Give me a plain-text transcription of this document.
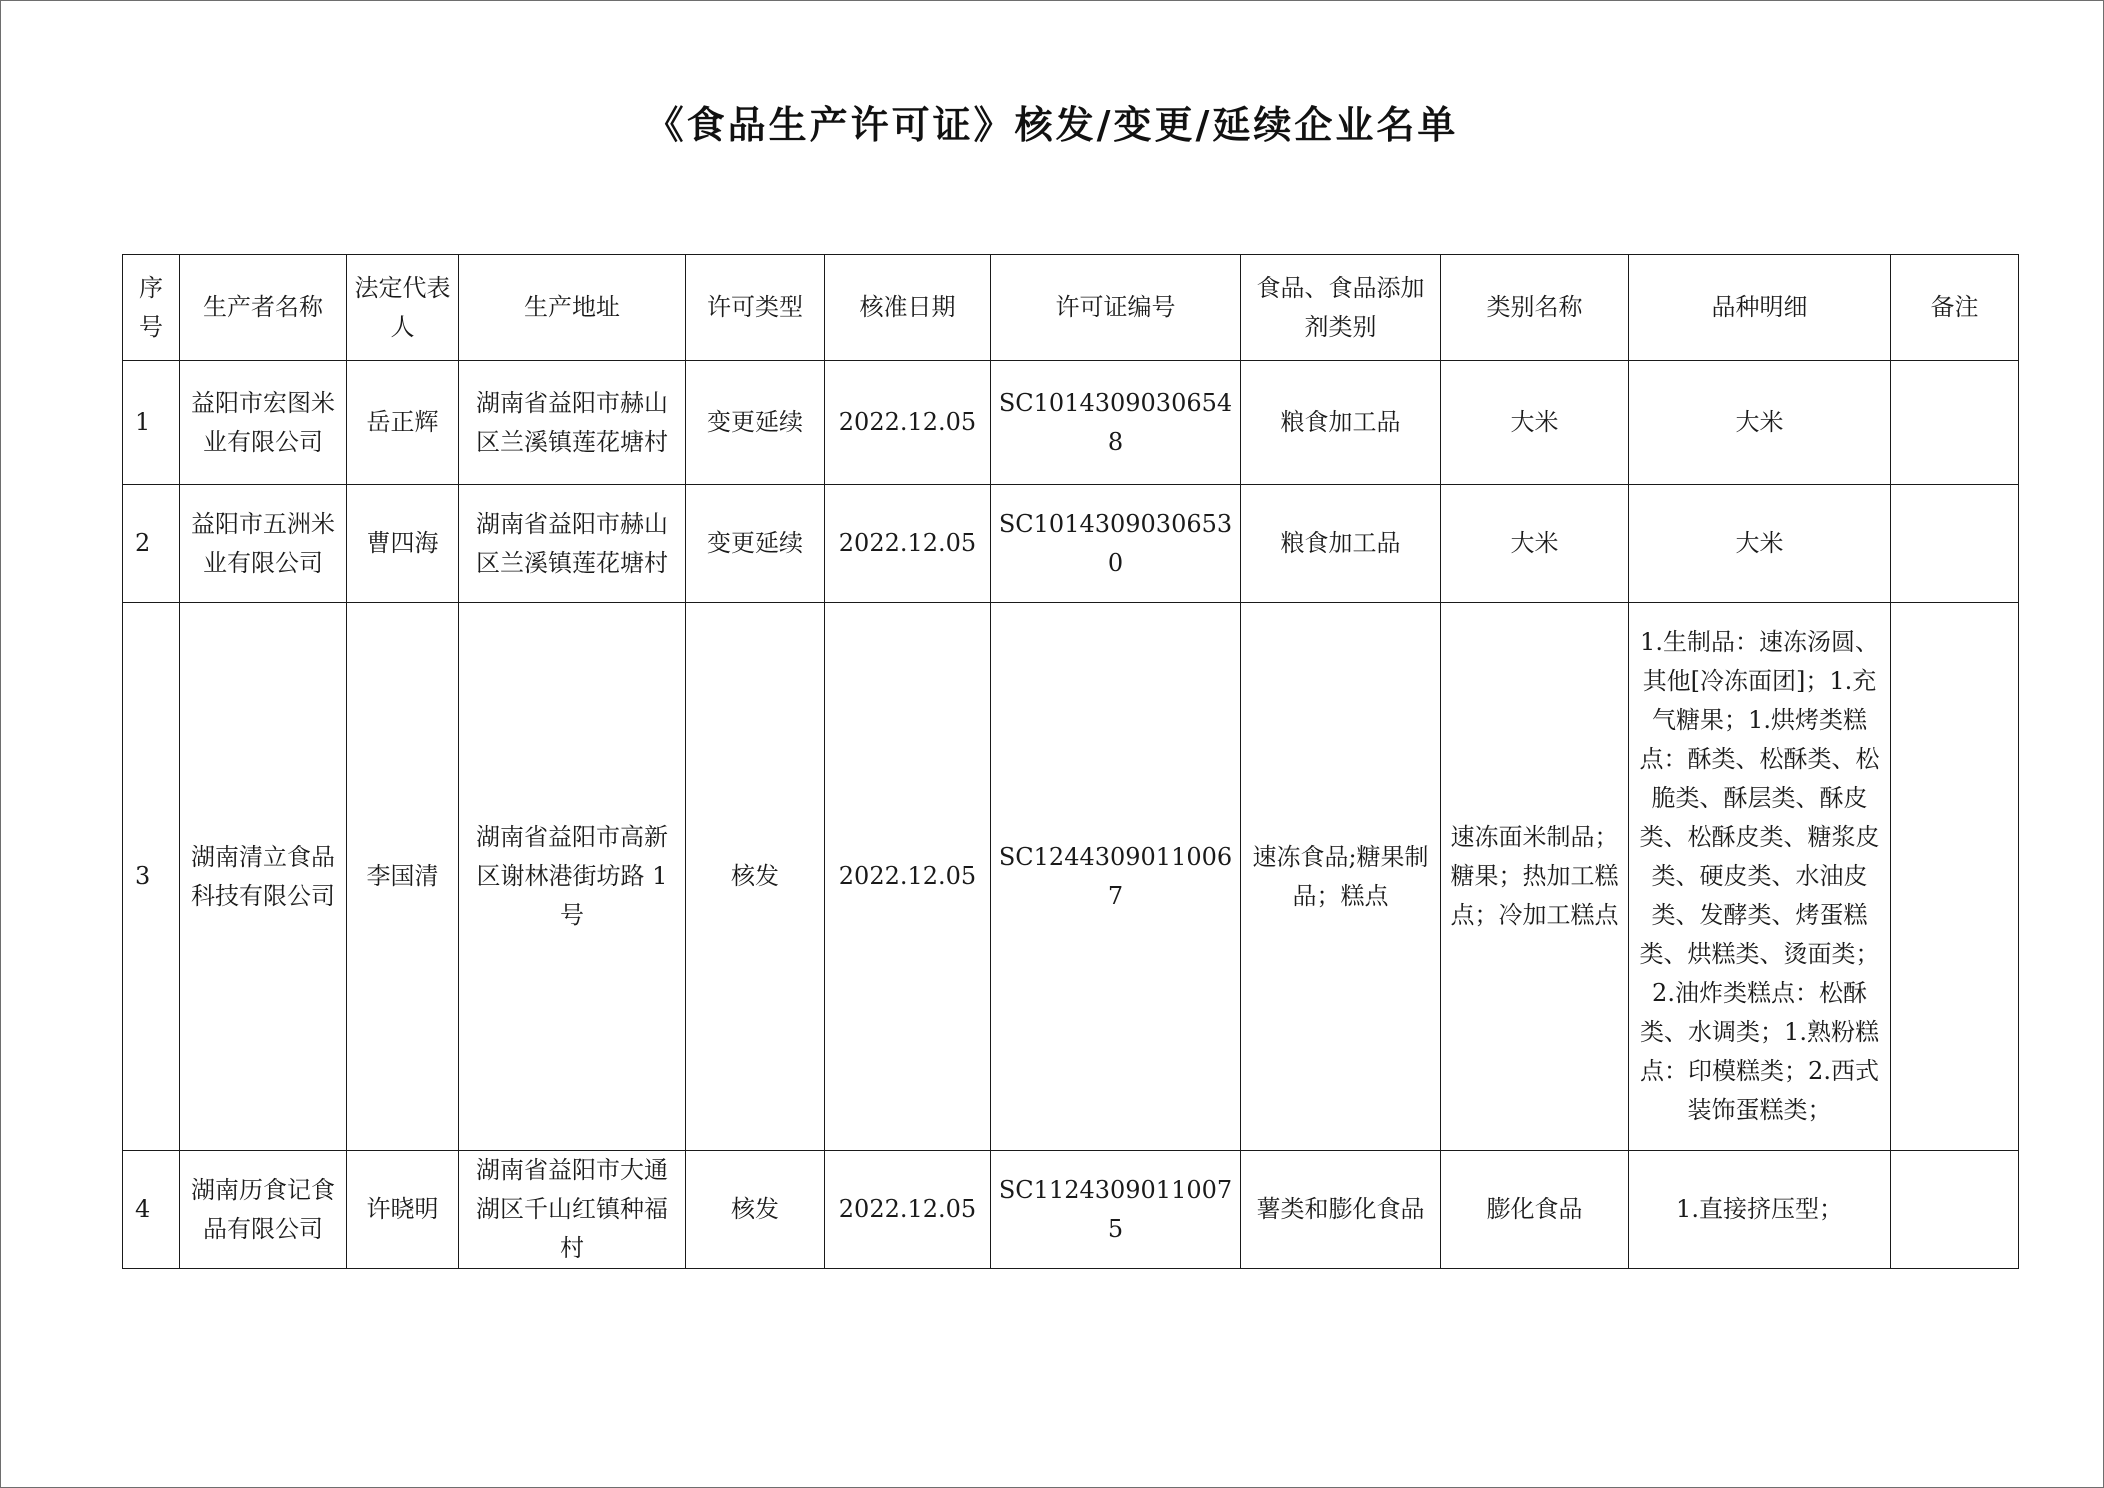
《食品生产许可证》核发/变更/延续企业名单
序号	生产者名称	法定代表人	生产地址	许可类型	核准日期	许可证编号	食品、食品添加剂类别	类别名称	品种明细	备注
1	益阳市宏图米业有限公司	岳正辉	湖南省益阳市赫山区兰溪镇莲花塘村	变更延续	2022.12.05	SC10143090306548	粮食加工品	大米	大米	
2	益阳市五洲米业有限公司	曹四海	湖南省益阳市赫山区兰溪镇莲花塘村	变更延续	2022.12.05	SC10143090306530	粮食加工品	大米	大米	
3	湖南清立食品科技有限公司	李国清	湖南省益阳市高新区谢林港街坊路 1 号	核发	2022.12.05	SC12443090110067	速冻食品;糖果制品；糕点	速冻面米制品；糖果；热加工糕点；冷加工糕点	1.生制品：速冻汤圆、其他[冷冻面团]；1.充气糖果；1.烘烤类糕点：酥类、松酥类、松脆类、酥层类、酥皮类、松酥皮类、糖浆皮类、硬皮类、水油皮类、发酵类、烤蛋糕类、烘糕类、烫面类；2.油炸类糕点：松酥类、水调类；1.熟粉糕点：印模糕类；2.西式装饰蛋糕类；	
4	湖南历食记食品有限公司	许晓明	湖南省益阳市大通湖区千山红镇种福村	核发	2022.12.05	SC11243090110075	薯类和膨化食品	膨化食品	1.直接挤压型；	
